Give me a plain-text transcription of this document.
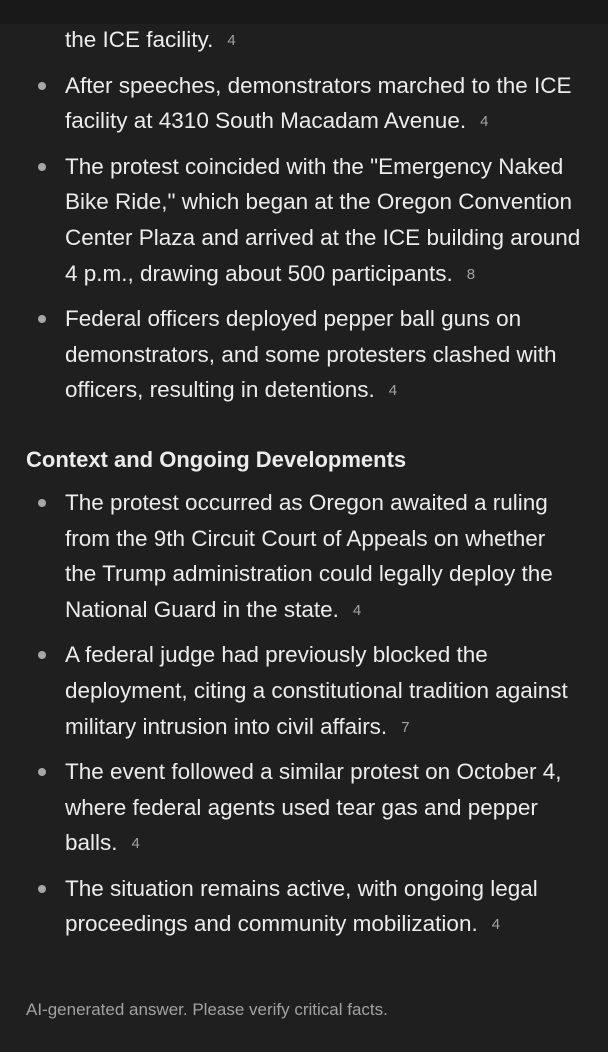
the ICE facility. 4
After speeches, demonstrators marched to the ICE facility at 4310 South Macadam Avenue. 4
The protest coincided with the "Emergency Naked Bike Ride," which began at the Oregon Convention Center Plaza and arrived at the ICE building around 4 p.m., drawing about 500 participants. 8
Federal officers deployed pepper ball guns on demonstrators, and some protesters clashed with officers, resulting in detentions. 4
Context and Ongoing Developments
The protest occurred as Oregon awaited a ruling from the 9th Circuit Court of Appeals on whether the Trump administration could legally deploy the National Guard in the state. 4
A federal judge had previously blocked the deployment, citing a constitutional tradition against military intrusion into civil affairs. 7
The event followed a similar protest on October 4, where federal agents used tear gas and pepper balls. 4
The situation remains active, with ongoing legal proceedings and community mobilization. 4
AI-generated answer. Please verify critical facts.
